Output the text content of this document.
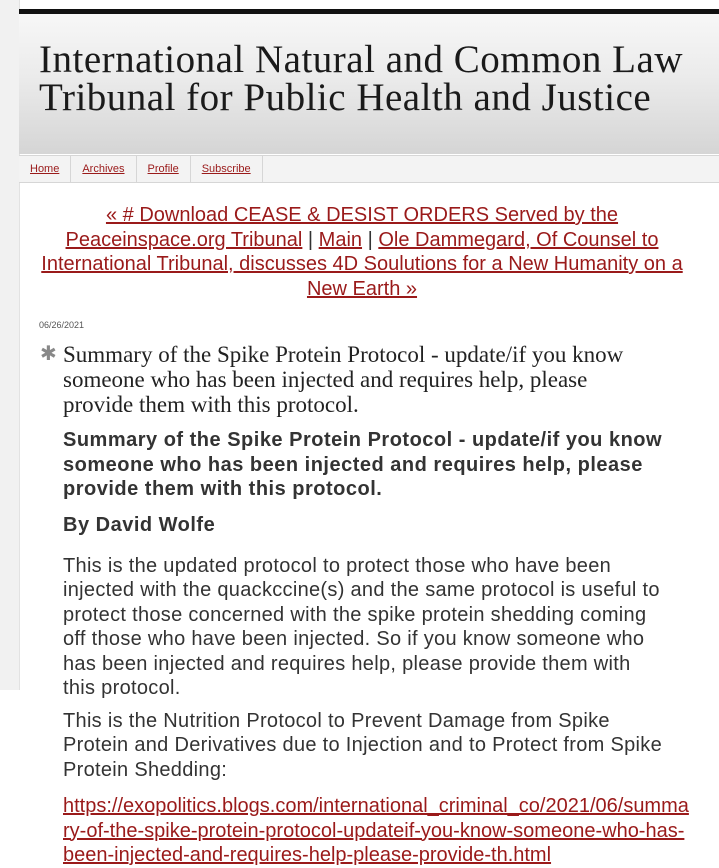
International Natural and Common Law Tribunal for Public Health and Justice
Home	Archives	Profile	Subscribe
« # Download CEASE & DESIST ORDERS Served by the Peaceinspace.org Tribunal | Main | Ole Dammegard, Of Counsel to International Tribunal, discusses 4D Soulutions for a New Humanity on a New Earth »
06/26/2021
✱ Summary of the Spike Protein Protocol - update/if you know someone who has been injected and requires help, please provide them with this protocol.

Summary of the Spike Protein Protocol - update/if you know someone who has been injected and requires help, please provide them with this protocol.

By David Wolfe

This is the updated protocol to protect those who have been injected with the quackccine(s) and the same protocol is useful to protect those concerned with the spike protein shedding coming off those who have been injected. So if you know someone who has been injected and requires help, please provide them with this protocol.

This is the Nutrition Protocol to Prevent Damage from Spike Protein and Derivatives due to Injection and to Protect from Spike Protein Shedding:

https://exopolitics.blogs.com/international_criminal_co/2021/06/summary-of-the-spike-protein-protocol-updateif-you-know-someone-who-has-been-injected-and-requires-help-please-provide-th.html
